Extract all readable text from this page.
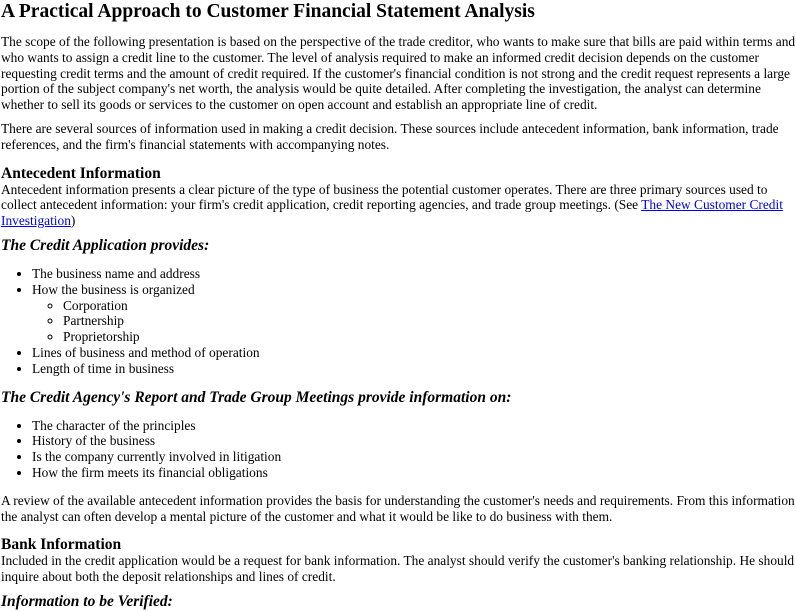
A Practical Approach to Customer Financial Statement Analysis

The scope of the following presentation is based on the perspective of the trade creditor, who wants to make sure that bills are paid within terms and who wants to assign a credit line to the customer. The level of analysis required to make an informed credit decision depends on the customer requesting credit terms and the amount of credit required. If the customer's financial condition is not strong and the credit request represents a large portion of the subject company's net worth, the analysis would be quite detailed. After completing the investigation, the analyst can determine whether to sell its goods or services to the customer on open account and establish an appropriate line of credit.

There are several sources of information used in making a credit decision. These sources include antecedent information, bank information, trade references, and the firm's financial statements with accompanying notes.

Antecedent Information
Antecedent information presents a clear picture of the type of business the potential customer operates. There are three primary sources used to collect antecedent information: your firm's credit application, credit reporting agencies, and trade group meetings. (See The New Customer Credit Investigation)
The Credit Application provides:
• The business name and address
• How the business is organized
◦ Corporation
◦ Partnership
◦ Proprietorship
• Lines of business and method of operation
• Length of time in business
The Credit Agency's Report and Trade Group Meetings provide information on:
• The character of the principles
• History of the business
• Is the company currently involved in litigation
• How the firm meets its financial obligations

A review of the available antecedent information provides the basis for understanding the customer's needs and requirements. From this information the analyst can often develop a mental picture of the customer and what it would be like to do business with them.

Bank Information
Included in the credit application would be a request for bank information. The analyst should verify the customer's banking relationship. He should inquire about both the deposit relationships and lines of credit.
Information to be Verified:
